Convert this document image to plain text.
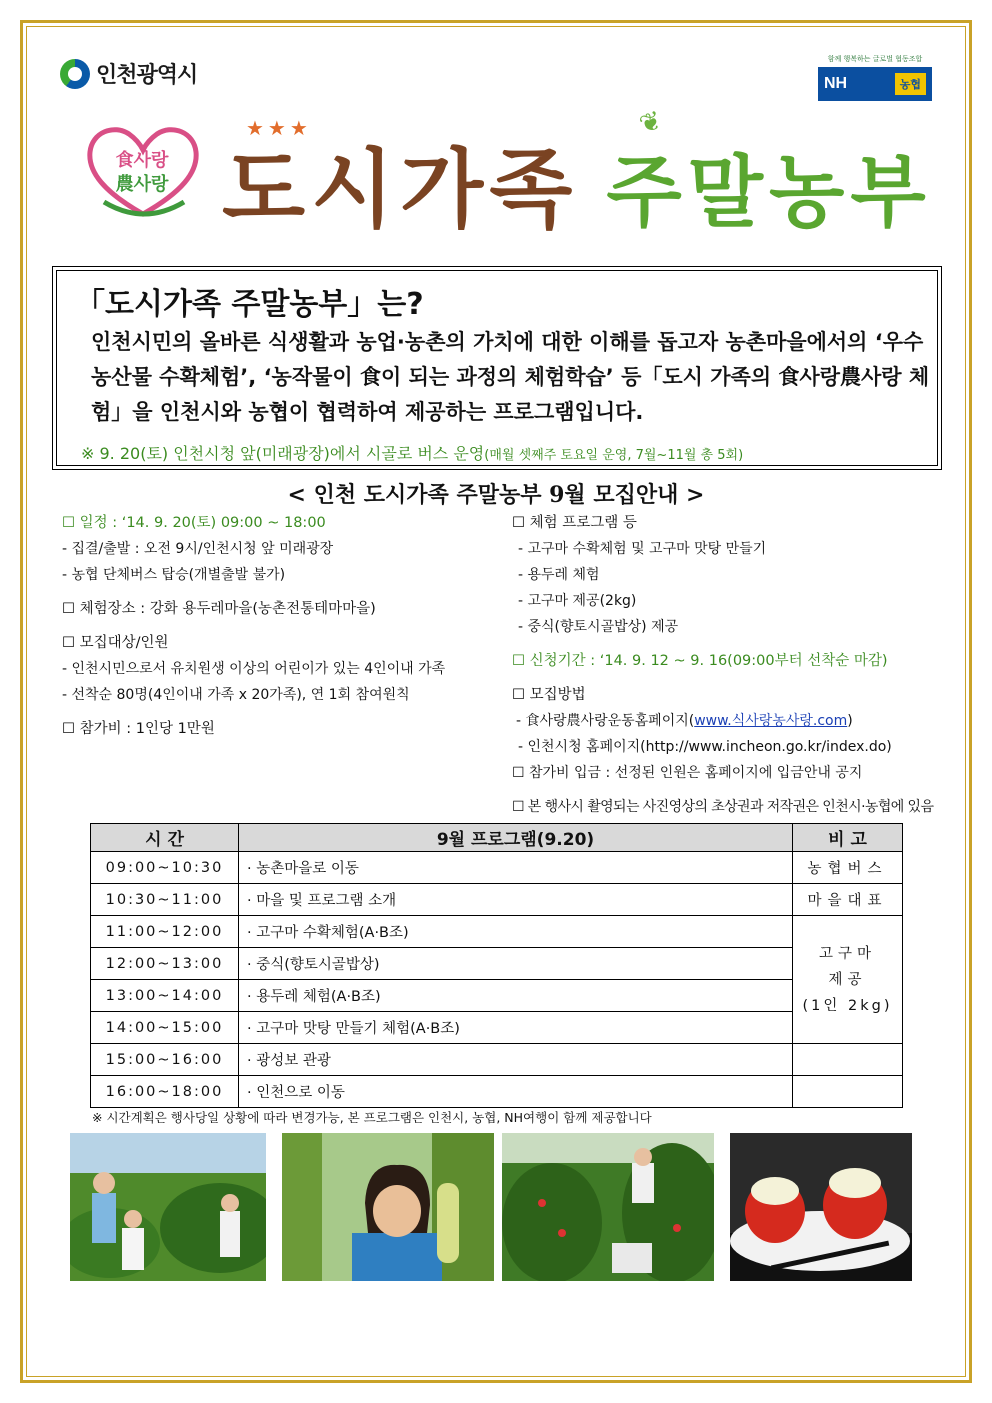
인천광역시
함께 행복하는 글로벌 협동조합
NH	농협
食사랑
農사랑
★★★	❦
도시가족 주말농부
「도시가족 주말농부」는?

인천시민의 올바른 식생활과 농업·농촌의 가치에 대한 이해를 돕고자 농촌마을에서의 ‘우수 농산물 수확체험’, ‘농작물이 食이 되는 과정의 체험학습’ 등「도시 가족의 食사랑農사랑 체험」을 인천시와 농협이 협력하여 제공하는 프로그램입니다.

※ 9. 20(토) 인천시청 앞(미래광장)에서 시골로 버스 운영(매월 셋째주 토요일 운영, 7월~11월 총 5회)
< 인천 도시가족 주말농부 9월 모집안내 >
☐ 일정 : ‘14. 9. 20(토) 09:00 ~ 18:00
- 집결/출발 : 오전 9시/인천시청 앞 미래광장
- 농협 단체버스 탑승(개별출발 불가)
☐ 체험장소 : 강화 용두레마을(농촌전통테마마을)
☐ 모집대상/인원
- 인천시민으로서 유치원생 이상의 어린이가 있는 4인이내 가족
- 선착순 80명(4인이내 가족 x 20가족), 연 1회 참여원칙
☐ 참가비 : 1인당 1만원
☐ 체험 프로그램 등
- 고구마 수확체험 및 고구마 맛탕 만들기
- 용두레 체험
- 고구마 제공(2kg)
- 중식(향토시골밥상) 제공
☐ 신청기간 : ‘14. 9. 12 ~ 9. 16(09:00부터 선착순 마감)
☐ 모집방법
- 食사랑農사랑운동홈페이지(www.식사랑농사랑.com)
- 인천시청 홈페이지(http://www.incheon.go.kr/index.do)
☐ 참가비 입금 : 선정된 인원은 홈페이지에 입금안내 공지
☐ 본 행사시 촬영되는 사진영상의 초상권과 저작권은 인천시·농협에 있음
시 간	9월 프로그램(9.20)	비 고
09:00~10:30	· 농촌마을로 이동	농협버스
10:30~11:00	· 마을 및 프로그램 소개	마을대표
11:00~12:00	· 고구마 수확체험(A·B조)	고구마
제공
(1인 2kg)

12:00~13:00	· 중식(향토시골밥상)	
13:00~14:00	· 용두레 체험(A·B조)	
14:00~15:00	· 고구마 맛탕 만들기 체험(A·B조)	
15:00~16:00	· 광성보 관광	
16:00~18:00	· 인천으로 이동	
※ 시간계획은 행사당일 상황에 따라 변경가능, 본 프로그램은 인천시, 농협, NH여행이 함께 제공합니다
